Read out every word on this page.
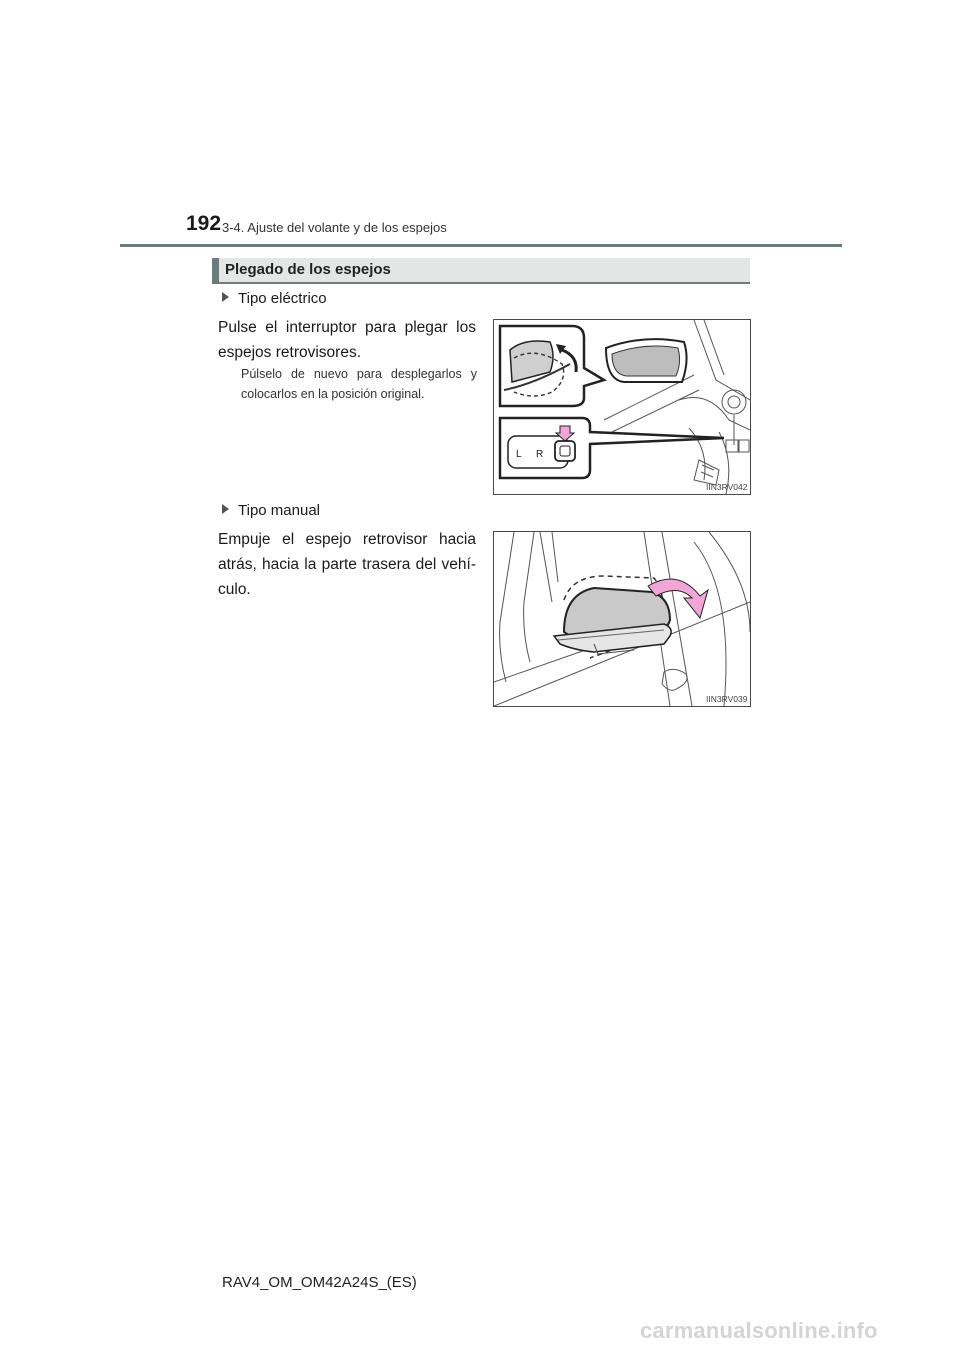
192 3-4. Ajuste del volante y de los espejos
Plegado de los espejos
Tipo eléctrico
Pulse el interruptor para plegar los espejos retrovisores.
Púlselo de nuevo para desplegarlos y colocarlos en la posición original.
L R
IIN3RV042
Tipo manual
Empuje el espejo retrovisor hacia atrás, hacia la parte trasera del vehí-culo.
IIN3RV039
RAV4_OM_OM42A24S_(ES)
carmanualsonline.info
